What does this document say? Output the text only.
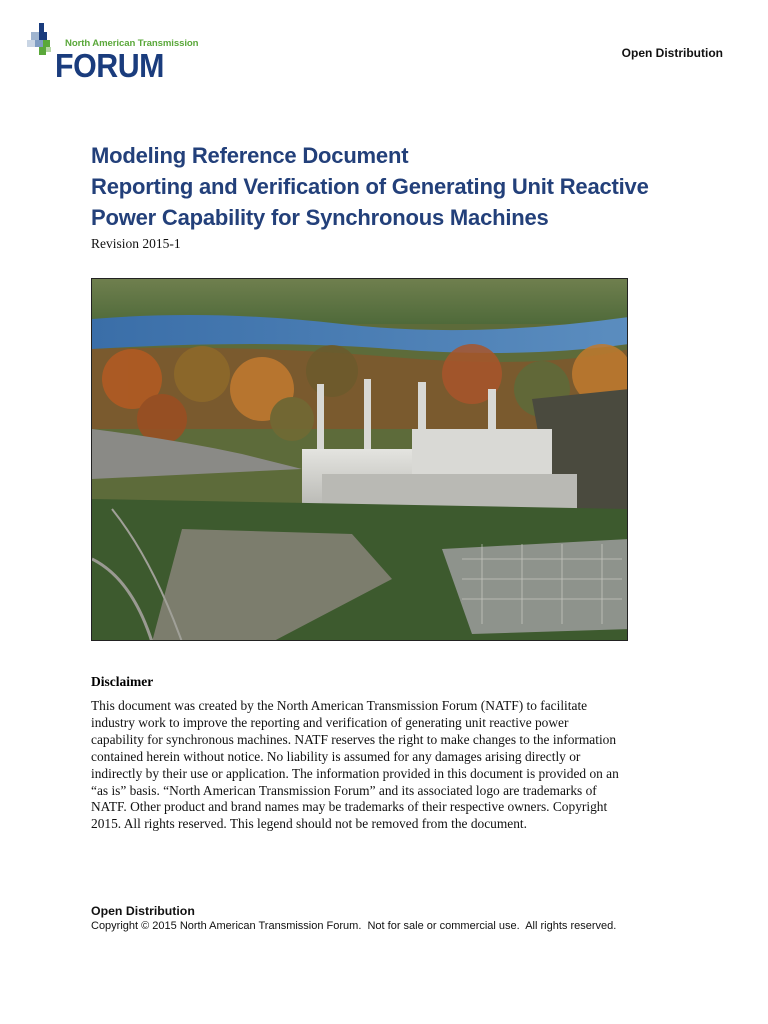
North American Transmission
FORUM	Open Distribution
Modeling Reference Document
Reporting and Verification of Generating Unit Reactive
Power Capability for Synchronous Machines
Revision 2015-1
Disclaimer
This document was created by the North American Transmission Forum (NATF) to facilitate
industry work to improve the reporting and verification of generating unit reactive power
capability for synchronous machines. NATF reserves the right to make changes to the information
contained herein without notice. No liability is assumed for any damages arising directly or
indirectly by their use or application. The information provided in this document is provided on an
“as is” basis. “North American Transmission Forum” and its associated logo are trademarks of
NATF. Other product and brand names may be trademarks of their respective owners. Copyright
2015. All rights reserved. This legend should not be removed from the document.
Open Distribution
Copyright © 2015 North American Transmission Forum.  Not for sale or commercial use.  All rights reserved.
